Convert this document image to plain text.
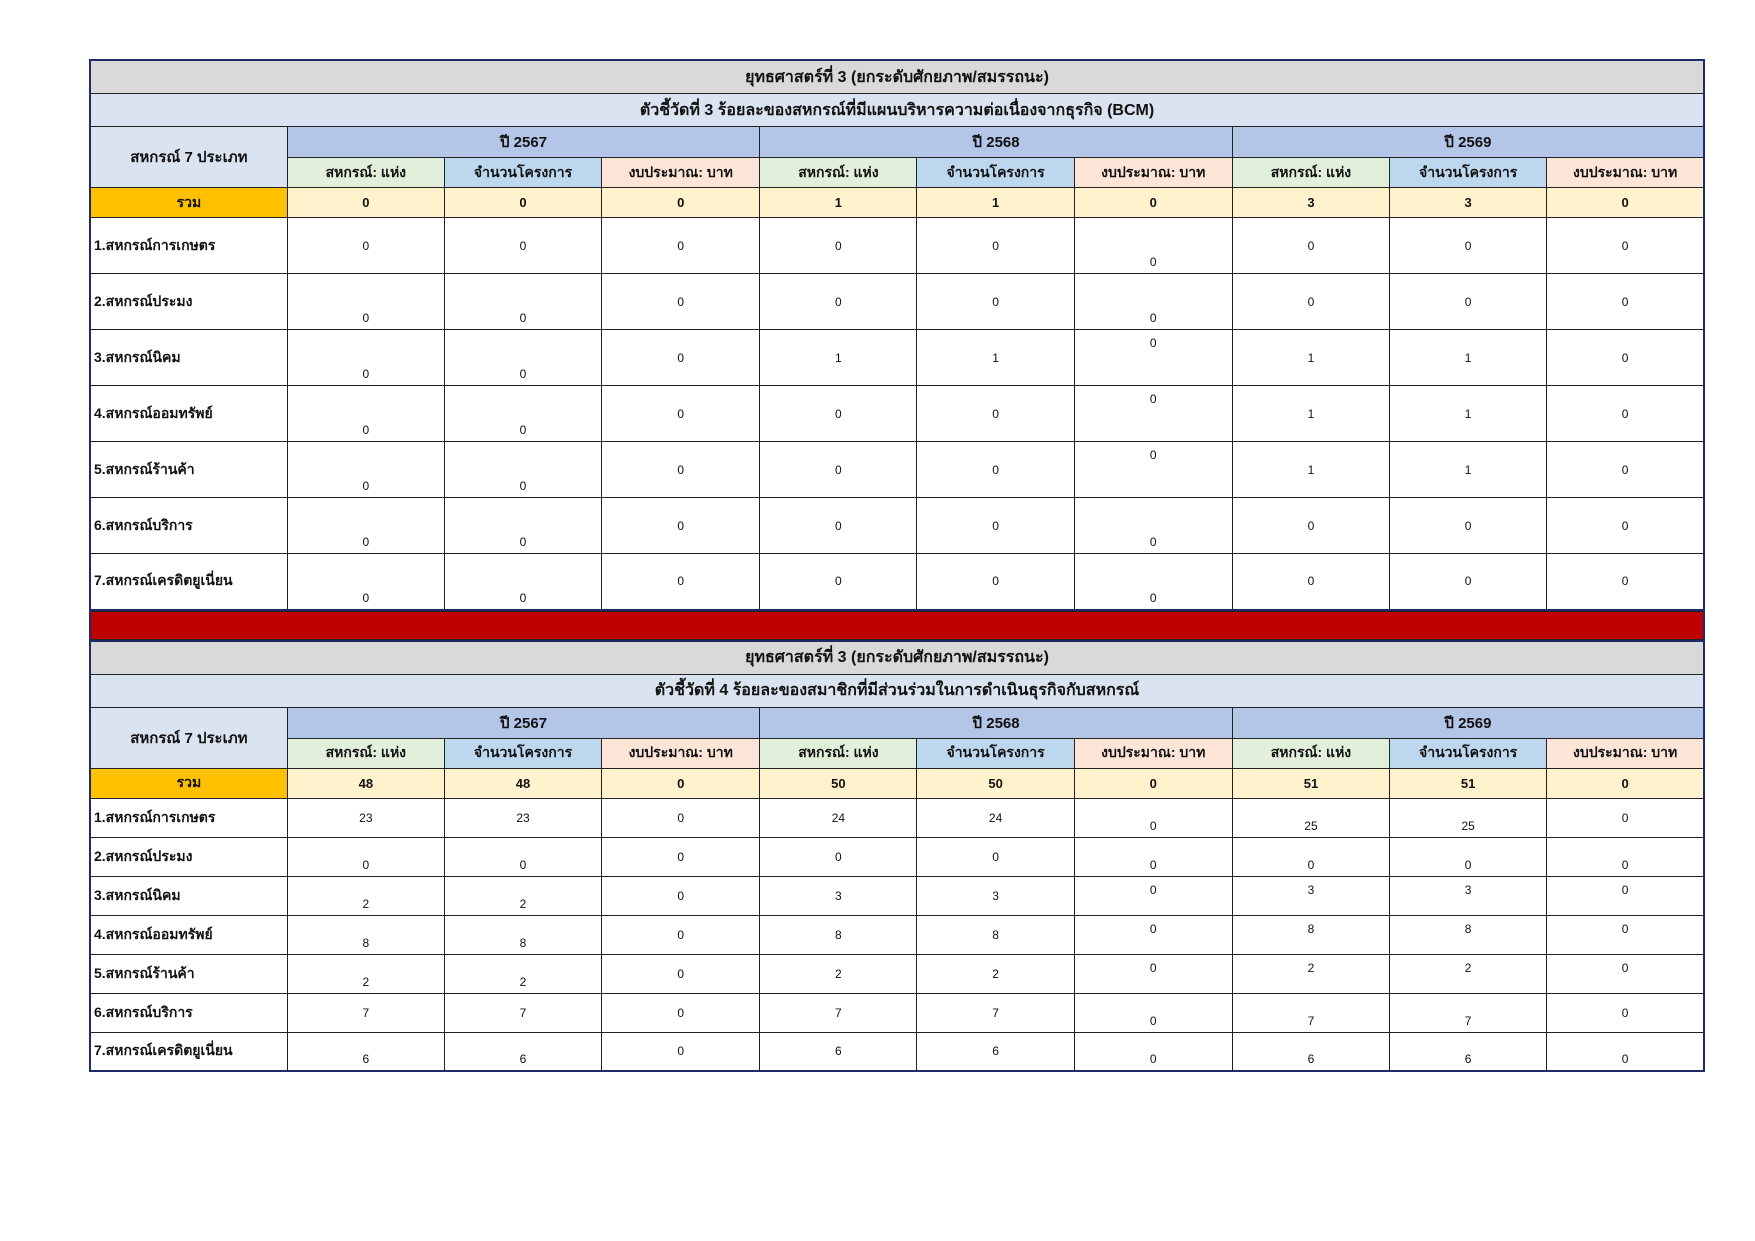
ยุทธศาสตร์ที่ 3 (ยกระดับศักยภาพ/สมรรถนะ)									
ตัวชี้วัดที่ 3 ร้อยละของสหกรณ์ที่มีแผนบริหารความต่อเนื่องจากธุรกิจ (BCM)									
สหกรณ์ 7 ประเภท	ปี 2567			ปี 2568			ปี 2569		
	สหกรณ์: แห่ง	จำนวนโครงการ	งบประมาณ: บาท	สหกรณ์: แห่ง	จำนวนโครงการ	งบประมาณ: บาท	สหกรณ์: แห่ง	จำนวนโครงการ	งบประมาณ: บาท
รวม	0	0	0	1	1	0	3	3	0
1.สหกรณ์การเกษตร	0	0	0	0	0	0	0	0	0

2.สหกรณ์ประมง	0	0	0	0	0	0	0	0	0

3.สหกรณ์นิคม	0	0	0	1	1	0	1	1	0

4.สหกรณ์ออมทรัพย์	0	0	0	0	0	0	1	1	0

5.สหกรณ์ร้านค้า	0	0	0	0	0	0	1	1	0

6.สหกรณ์บริการ	0	0	0	0	0	0	0	0	0

7.สหกรณ์เครดิตยูเนี่ยน	0	0	0	0	0	0	0	0	0
ยุทธศาสตร์ที่ 3 (ยกระดับศักยภาพ/สมรรถนะ)									
ตัวชี้วัดที่ 4 ร้อยละของสมาชิกที่มีส่วนร่วมในการดำเนินธุรกิจกับสหกรณ์									
สหกรณ์ 7 ประเภท	ปี 2567			ปี 2568			ปี 2569		
	สหกรณ์: แห่ง	จำนวนโครงการ	งบประมาณ: บาท	สหกรณ์: แห่ง	จำนวนโครงการ	งบประมาณ: บาท	สหกรณ์: แห่ง	จำนวนโครงการ	งบประมาณ: บาท
รวม	48	48	0	50	50	0	51	51	0
1.สหกรณ์การเกษตร	23	23	0	24	24	0	25	25	0

2.สหกรณ์ประมง	0	0	0	0	0	0	0	0	0

3.สหกรณ์นิคม	2	2	0	3	3	0	3	3	0

4.สหกรณ์ออมทรัพย์	8	8	0	8	8	0	8	8	0

5.สหกรณ์ร้านค้า	2	2	0	2	2	0	2	2	0

6.สหกรณ์บริการ	7	7	0	7	7	0	7	7	0

7.สหกรณ์เครดิตยูเนี่ยน	6	6	0	6	6	0	6	6	0
